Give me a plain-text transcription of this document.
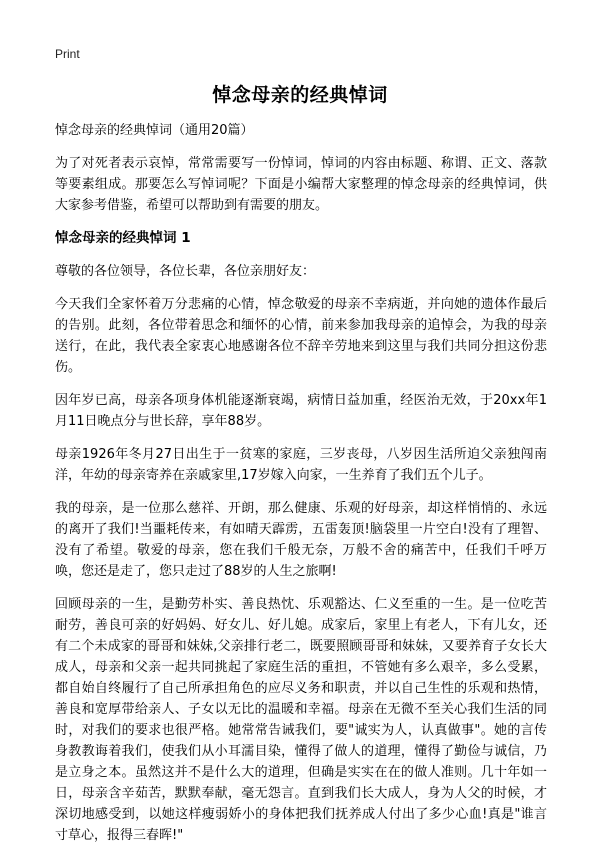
Print
悼念母亲的经典悼词

悼念母亲的经典悼词（通用20篇）

为了对死者表示哀悼，常常需要写一份悼词，悼词的内容由标题、称谓、正文、落款等要素组成。那要怎么写悼词呢？下面是小编帮大家整理的悼念母亲的经典悼词，供大家参考借鉴，希望可以帮助到有需要的朋友。

悼念母亲的经典悼词 1

尊敬的各位领导，各位长辈，各位亲朋好友：

今天我们全家怀着万分悲痛的心情，悼念敬爱的母亲不幸病逝，并向她的遗体作最后的告别。此刻，各位带着思念和缅怀的心情，前来参加我母亲的追悼会，为我的母亲送行，在此，我代表全家衷心地感谢各位不辞辛劳地来到这里与我们共同分担这份悲伤。

因年岁已高，母亲各项身体机能逐渐衰竭，病情日益加重，经医治无效，于20xx年1月11日晚点分与世长辞，享年88岁。

母亲1926年冬月27日出生于一贫寒的家庭，三岁丧母，八岁因生活所迫父亲独闯南洋，年幼的母亲寄养在亲戚家里,17岁嫁入向家，一生养育了我们五个儿子。

我的母亲，是一位那么慈祥、开朗，那么健康、乐观的好母亲，却这样悄悄的、永远的离开了我们!当噩耗传来，有如晴天霹雳，五雷轰顶!脑袋里一片空白!没有了理智、没有了希望。敬爱的母亲，您在我们千般无奈，万般不舍的痛苦中，任我们千呼万唤，您还是走了，您只走过了88岁的人生之旅啊!

回顾母亲的一生，是勤劳朴实、善良热忱、乐观豁达、仁义至重的一生。是一位吃苦耐劳，善良可亲的好妈妈、好女儿、好儿媳。成家后，家里上有老人，下有儿女，还有二个未成家的哥哥和妹妹,父亲排行老二，既要照顾哥哥和妹妹，又要养育子女长大成人，母亲和父亲一起共同挑起了家庭生活的重担，不管她有多么艰辛，多么受累，都自始自终履行了自己所承担角色的应尽义务和职责，并以自己生性的乐观和热情，善良和宽厚带给亲人、子女以无比的温暖和幸福。母亲在无微不至关心我们生活的同时，对我们的要求也很严格。她常常告诫我们，要"诚实为人，认真做事"。她的言传身教教诲着我们，使我们从小耳濡目染，懂得了做人的道理，懂得了勤俭与诚信，乃是立身之本。虽然这并不是什么大的道理，但确是实实在在的做人准则。几十年如一日，母亲含辛茹苦，默默奉献，毫无怨言。直到我们长大成人，身为人父的时候，才深切地感受到，以她这样瘦弱娇小的身体把我们抚养成人付出了多少心血!真是"谁言寸草心，报得三春晖!"
